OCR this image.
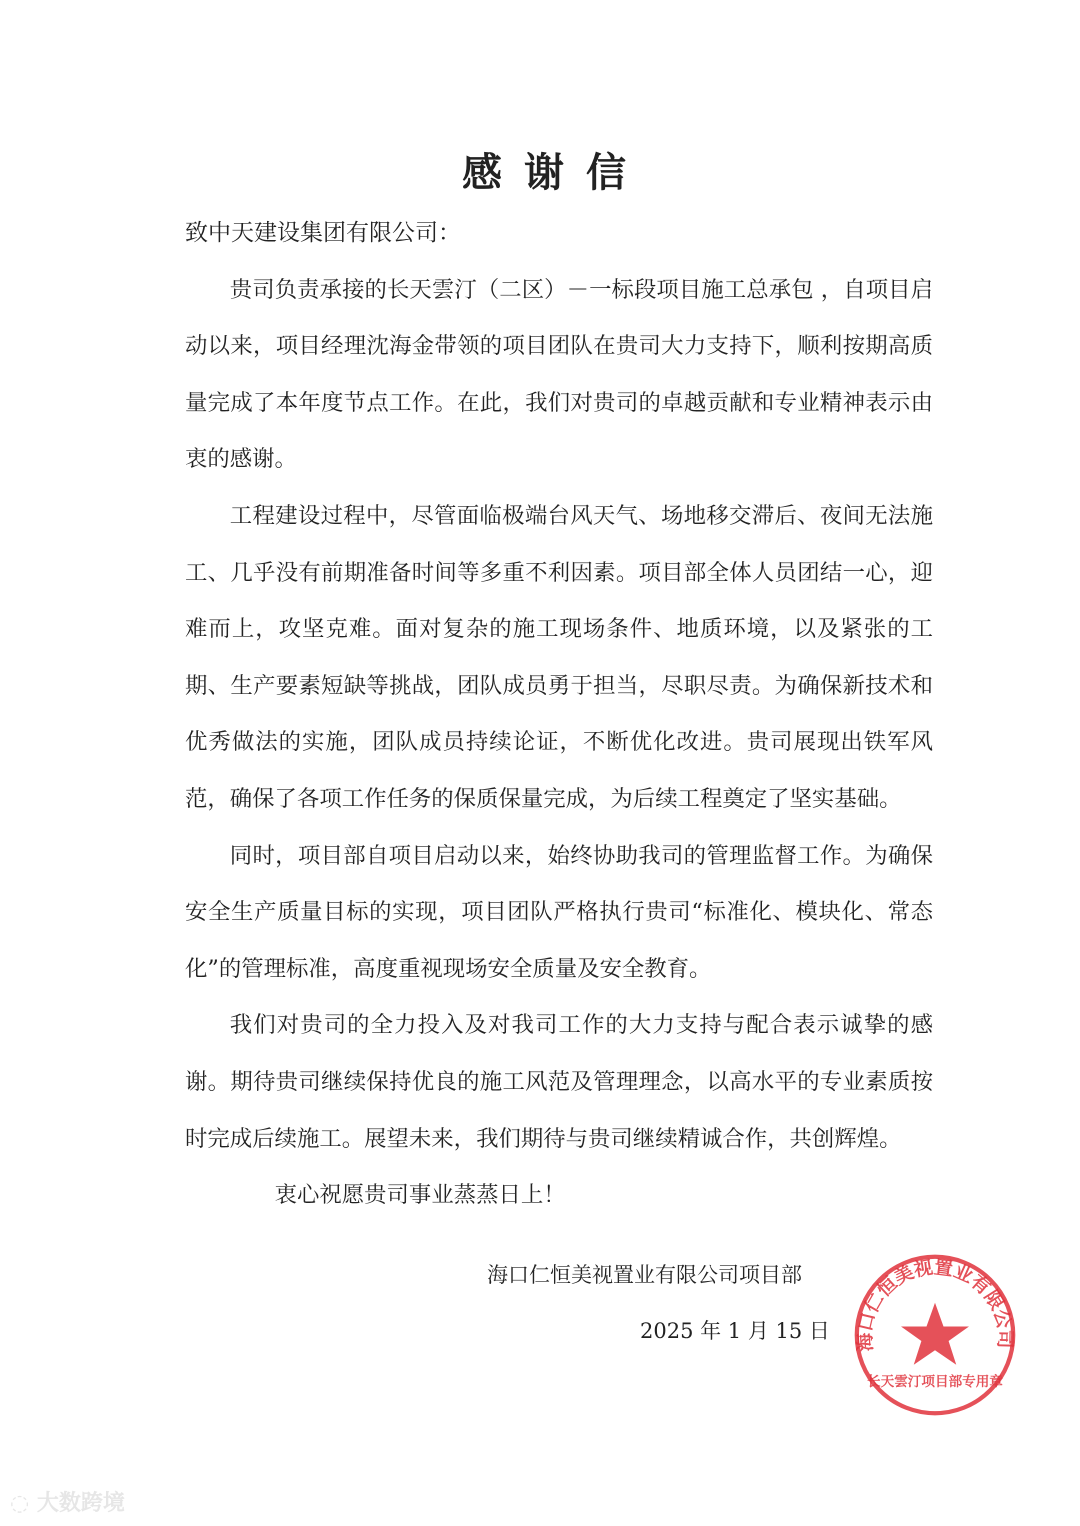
感谢信

致中天建设集团有限公司：

贵司负责承接的长天雲汀（二区）－一标段项目施工总承包 ，自项目启动以来，项目经理沈海金带领的项目团队在贵司大力支持下，顺利按期高质量完成了本年度节点工作。在此，我们对贵司的卓越贡献和专业精神表示由衷的感谢。

工程建设过程中，尽管面临极端台风天气、场地移交滞后、夜间无法施工、几乎没有前期准备时间等多重不利因素。项目部全体人员团结一心，迎难而上，攻坚克难。面对复杂的施工现场条件、地质环境，以及紧张的工期、生产要素短缺等挑战，团队成员勇于担当，尽职尽责。为确保新技术和优秀做法的实施，团队成员持续论证，不断优化改进。贵司展现出铁军风范，确保了各项工作任务的保质保量完成，为后续工程奠定了坚实基础。

同时，项目部自项目启动以来，始终协助我司的管理监督工作。为确保安全生产质量目标的实现，项目团队严格执行贵司“标准化、模块化、常态化”的管理标准，高度重视现场安全质量及安全教育。

我们对贵司的全力投入及对我司工作的大力支持与配合表示诚挚的感谢。期待贵司继续保持优良的施工风范及管理理念，以高水平的专业素质按时完成后续施工。展望未来，我们期待与贵司继续精诚合作，共创辉煌。

衷心祝愿贵司事业蒸蒸日上！

海口仁恒美视置业有限公司项目部
2025 年 1 月 15 日 海口仁恒美视置业有限公司
长天雲汀项目部专用章
◌ 大数跨境
